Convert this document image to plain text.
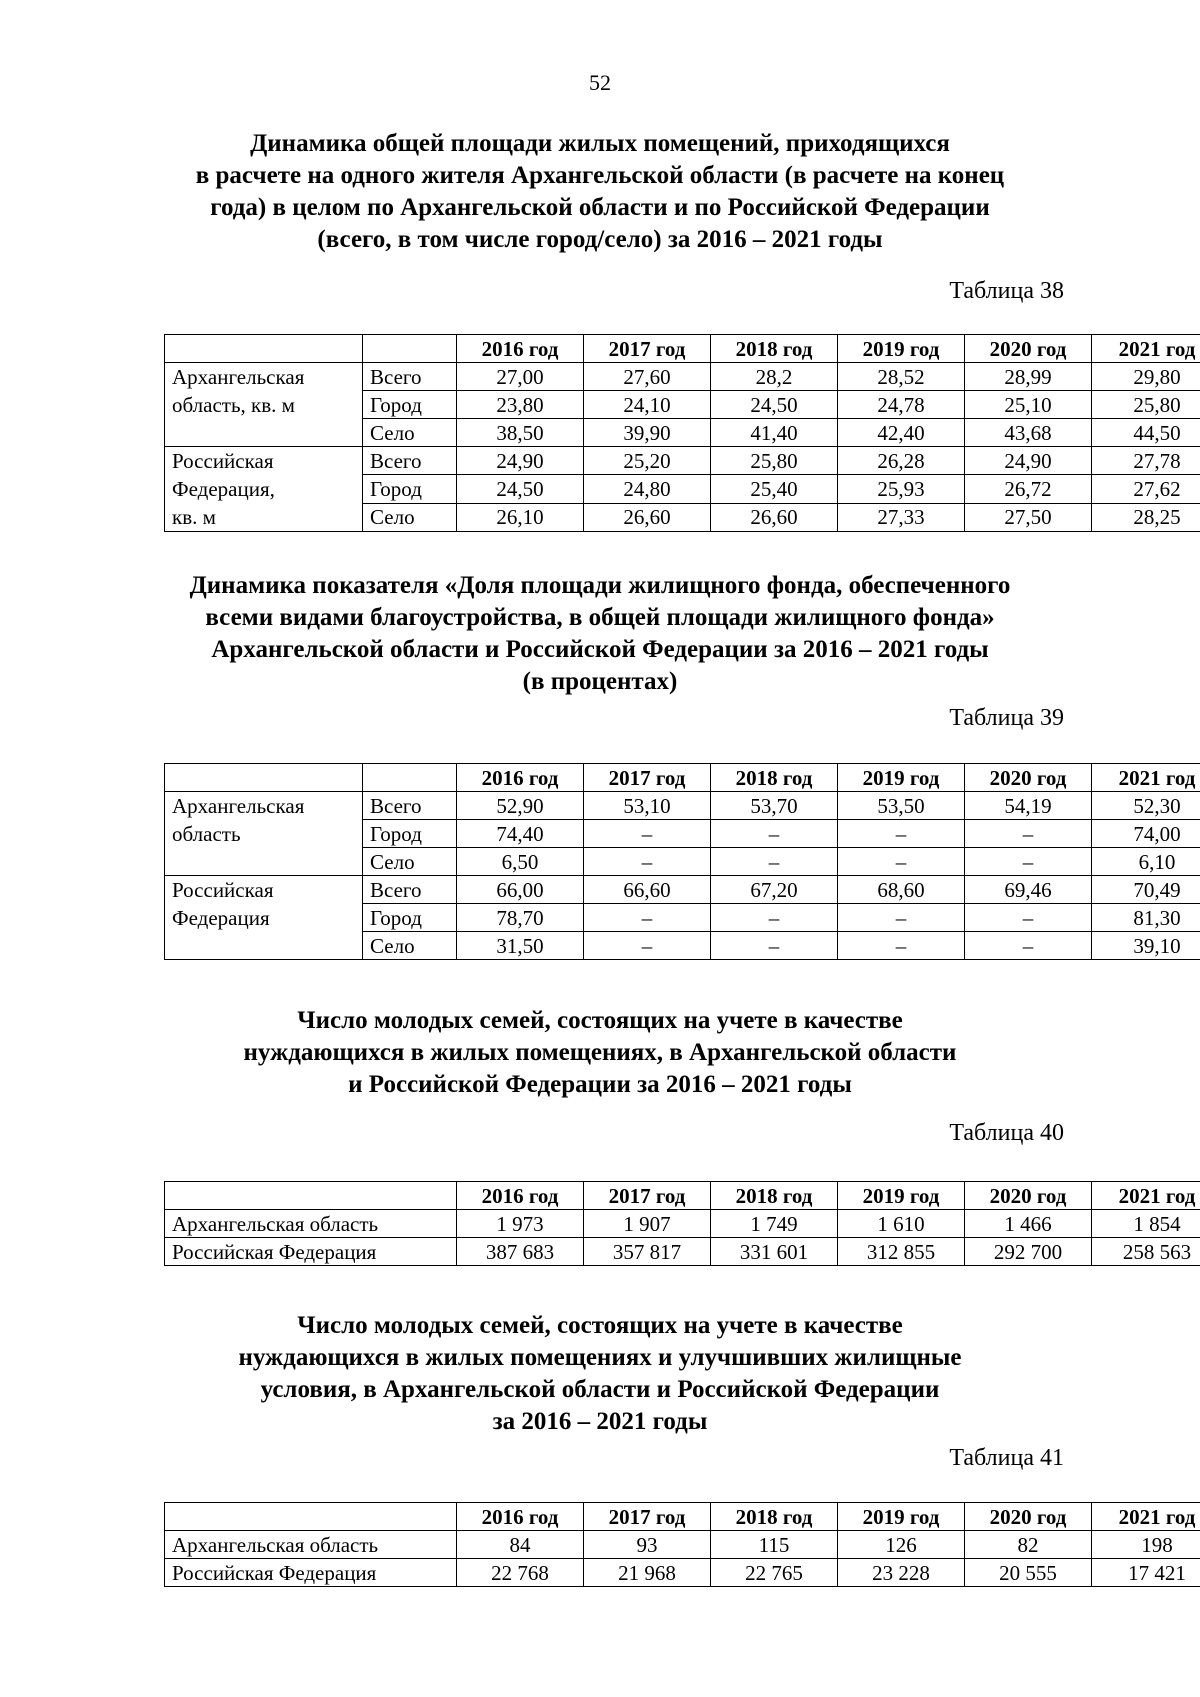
52
Динамика общей площади жилых помещений, приходящихся
в расчете на одного жителя Архангельской области (в расчете на конец
года) в целом по Архангельской области и по Российской Федерации
(всего, в том числе город/село) за 2016 – 2021 годы
Таблица 38
		2016 год	2017 год	2018 год	2019 год	2020 год	2021 год

Архангельская
область, кв. м	Всего	27,00	27,60	28,2	28,52	28,99	29,80
	Город	23,80	24,10	24,50	24,78	25,10	25,80
	Село	38,50	39,90	41,40	42,40	43,68	44,50

Российская
Федерация,
кв. м	Всего	24,90	25,20	25,80	26,28	24,90	27,78
	Город	24,50	24,80	25,40	25,93	26,72	27,62
	Село	26,10	26,60	26,60	27,33	27,50	28,25
Динамика показателя «Доля площади жилищного фонда, обеспеченного
всеми видами благоустройства, в общей площади жилищного фонда»
Архангельской области и Российской Федерации за 2016 – 2021 годы
(в процентах)
Таблица 39
		2016 год	2017 год	2018 год	2019 год	2020 год	2021 год

Архангельская
область	Всего	52,90	53,10	53,70	53,50	54,19	52,30
	Город	74,40	–	–	–	–	74,00
	Село	6,50	–	–	–	–	6,10

Российская
Федерация	Всего	66,00	66,60	67,20	68,60	69,46	70,49
	Город	78,70	–	–	–	–	81,30
	Село	31,50	–	–	–	–	39,10
Число молодых семей, состоящих на учете в качестве
нуждающихся в жилых помещениях, в Архангельской области
и Российской Федерации за 2016 – 2021 годы
Таблица 40
	2016 год	2017 год	2018 год	2019 год	2020 год	2021 год
Архангельская область	1 973	1 907	1 749	1 610	1 466	1 854
Российская Федерация	387 683	357 817	331 601	312 855	292 700	258 563
Число молодых семей, состоящих на учете в качестве
нуждающихся в жилых помещениях и улучшивших жилищные
условия, в Архангельской области и Российской Федерации
за 2016 – 2021 годы
Таблица 41
	2016 год	2017 год	2018 год	2019 год	2020 год	2021 год
Архангельская область	84	93	115	126	82	198
Российская Федерация	22 768	21 968	22 765	23 228	20 555	17 421
